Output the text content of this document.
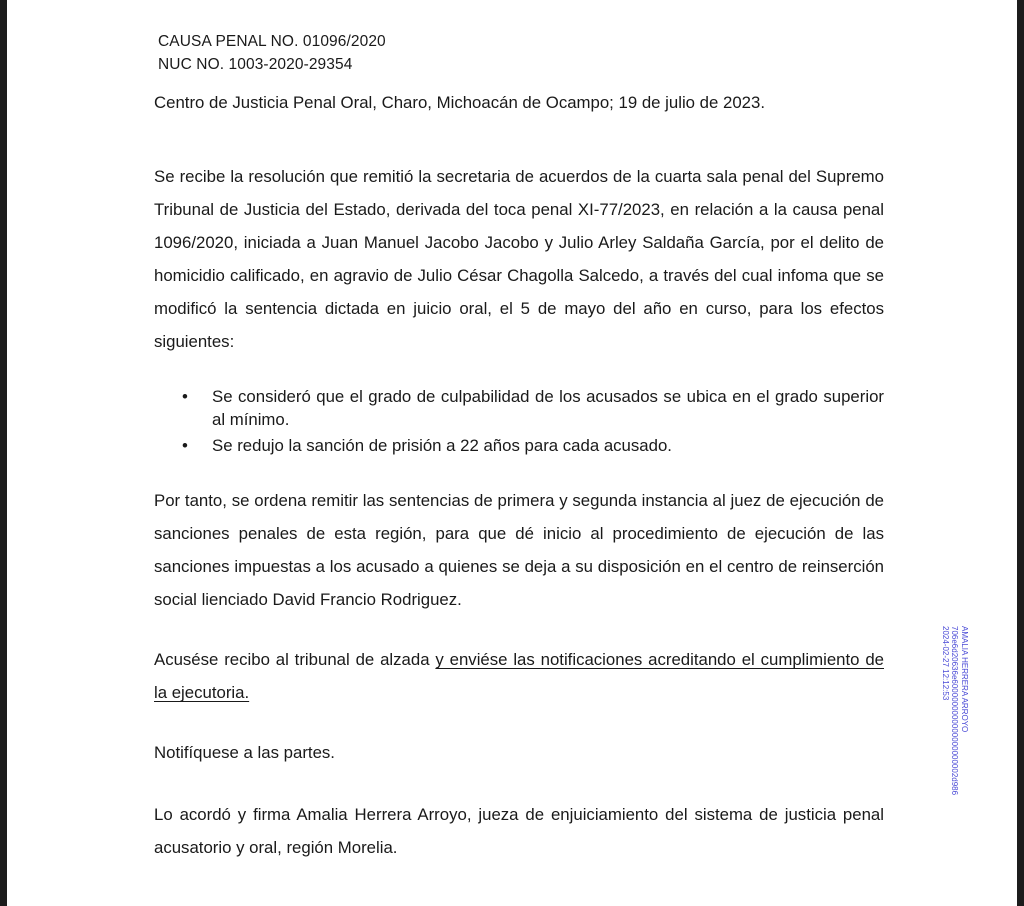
CAUSA PENAL NO. 01096/2020
NUC NO. 1003-2020-29354
Centro de Justicia Penal Oral, Charo, Michoacán de Ocampo; 19 de julio de 2023.
Se recibe la resolución que remitió la secretaria de acuerdos de la cuarta sala penal del Supremo Tribunal de Justicia del Estado, derivada del toca penal XI-77/2023, en relación a la causa penal 1096/2020, iniciada a Juan Manuel Jacobo Jacobo y Julio Arley Saldaña García, por el delito de homicidio calificado, en agravio de Julio César Chagolla Salcedo, a través del cual infoma que se modificó la sentencia dictada en juicio oral, el 5 de mayo del año en curso, para los efectos siguientes:
• Se consideró que el grado de culpabilidad de los acusados se ubica en el grado superior al mínimo.
• Se redujo la sanción de prisión a 22 años para cada acusado.
Por tanto, se ordena remitir las sentencias de primera y segunda instancia al juez de ejecución de sanciones penales de esta región, para que dé inicio al procedimiento de ejecución de las sanciones impuestas a los acusado a quienes se deja a su disposición en el centro de reinserción social lienciado David Francio Rodriguez.
Acusése recibo al tribunal de alzada y enviése las notificaciones acreditando el cumplimiento de la ejecutoria.
Notifíquese a las partes.
Lo acordó y firma Amalia Herrera Arroyo, jueza de enjuiciamiento del sistema de justicia penal acusatorio y oral, región Morelia.
AMALIA HERRERA ARROYO
706e6d20636e6000000000000000000002d986
2024-02-27 12:12:53
